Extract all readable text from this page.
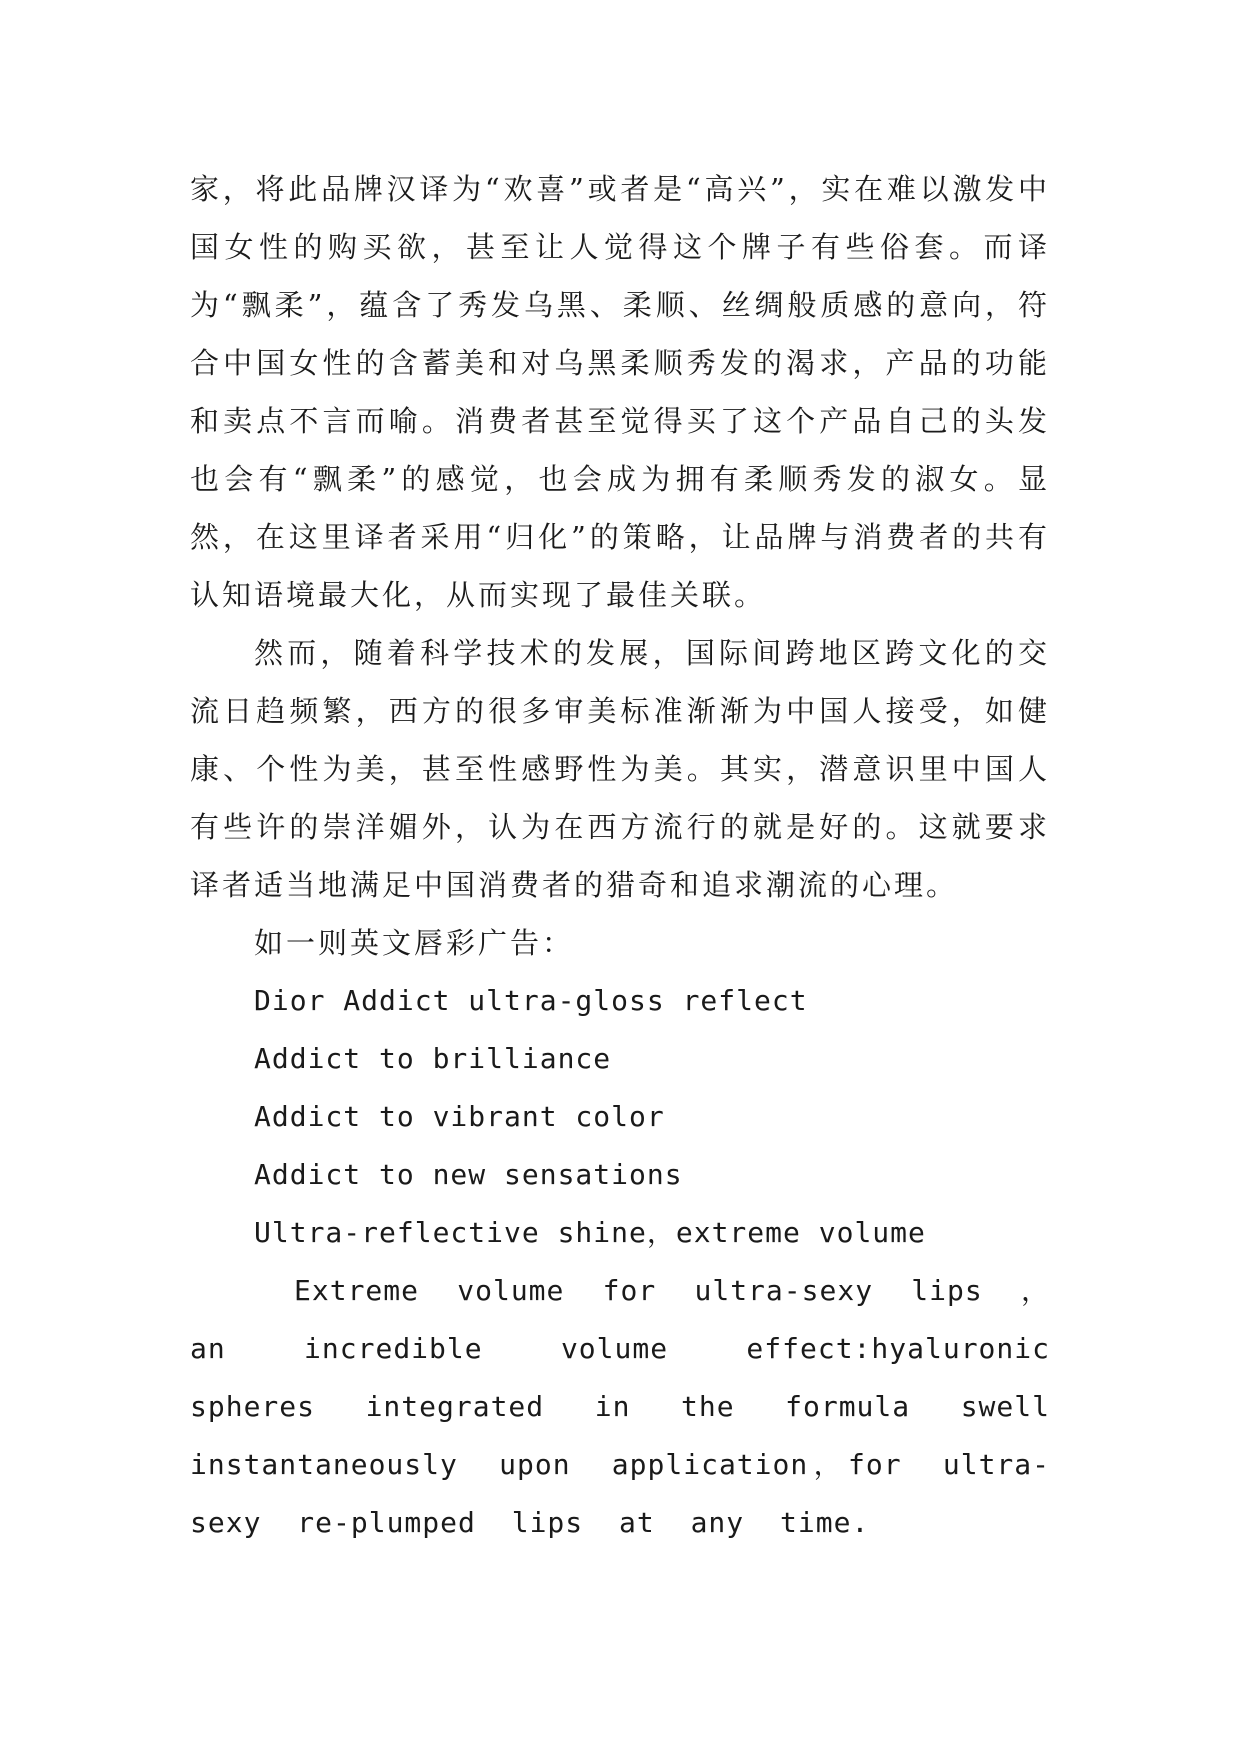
家，将此品牌汉译为“欢喜”或者是“高兴”，实在难以激发中国女性的购买欲，甚至让人觉得这个牌子有些俗套。而译为“飘柔”，蕴含了秀发乌黑、柔顺、丝绸般质感的意向，符合中国女性的含蓄美和对乌黑柔顺秀发的渴求，产品的功能和卖点不言而喻。消费者甚至觉得买了这个产品自己的头发也会有“飘柔”的感觉，也会成为拥有柔顺秀发的淑女。显然，在这里译者采用“归化”的策略，让品牌与消费者的共有认知语境最大化，从而实现了最佳关联。

然而，随着科学技术的发展，国际间跨地区跨文化的交流日趋频繁，西方的很多审美标准渐渐为中国人接受，如健康、个性为美，甚至性感野性为美。其实，潜意识里中国人有些许的崇洋媚外，认为在西方流行的就是好的。这就要求译者适当地满足中国消费者的猎奇和追求潮流的心理。

如一则英文唇彩广告：

Dior Addict ultra-gloss reflect

Addict to brilliance

Addict to vibrant color

Addict to new sensations

Ultra-reflective shine，extreme volume

Extreme volume for ultra-sexy lips ， an incredible volume effect:hyaluronic spheres integrated in the formula swell instantaneously upon application，for ultra-sexy re-plumped lips at any time.
